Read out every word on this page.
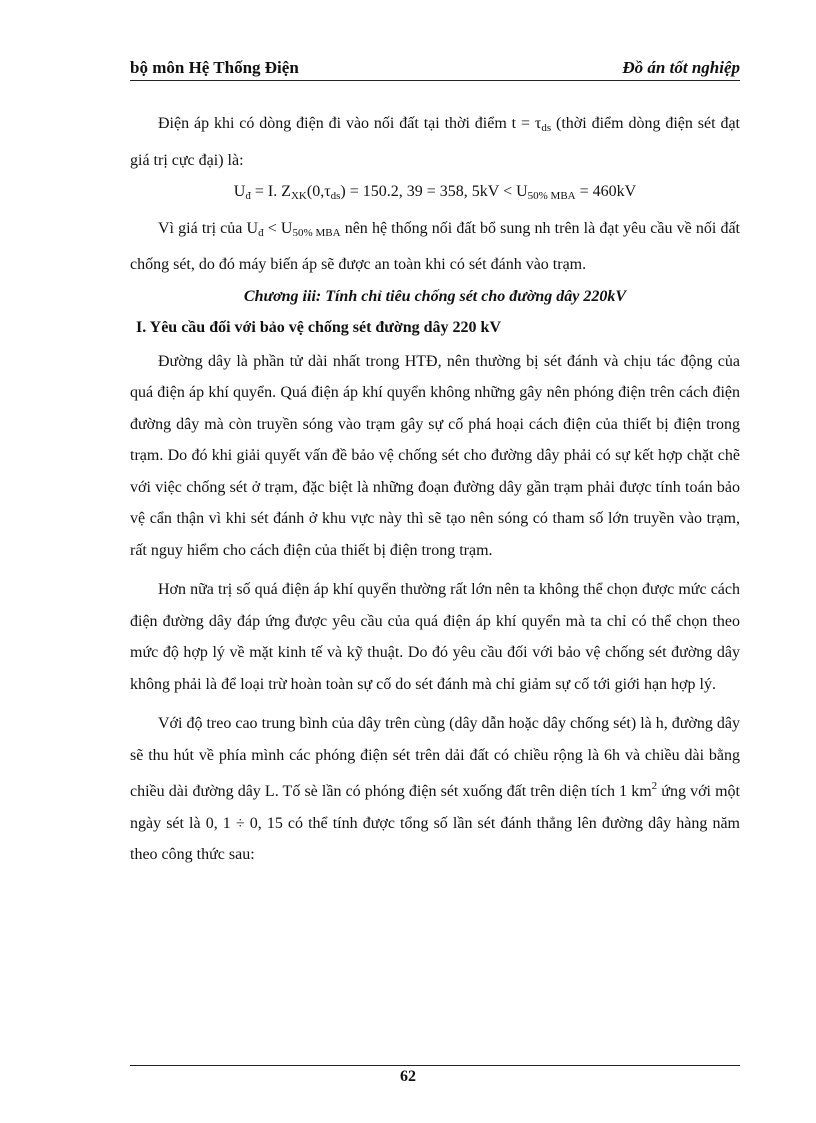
bộ môn Hệ Thống Điện	Đồ án tốt nghiệp

Điện áp khi có dòng điện đi vào nối đất tại thời điểm $t = \tau_{ds}$ (thời điểm dòng điện sét đạt giá trị cực đại) là:

$U_đ = I$. $Z_{XK}(0,\tau_{ds}) = 150.2$, 39 = 358, $5kV < U_{50\% MBA} = 460kV$

Vì giá trị của $U_đ < U_{50\% MBA}$ nên hệ thống nối đất bổ sung nh trên là đạt yêu cầu về nối đất chống sét, do đó máy biến áp sẽ được an toàn khi có sét đánh vào trạm.

Chương iii: Tính chỉ tiêu chống sét cho đường dây 220kV

I. Yêu cầu đối với bảo vệ chống sét đường dây 220 kV

Đường dây là phần tử dài nhất trong HTĐ, nên thường bị sét đánh và chịu tác động của quá điện áp khí quyển. Quá điện áp khí quyển không những gây nên phóng điện trên cách điện đường dây mà còn truyền sóng vào trạm gây sự cố phá hoại cách điện của thiết bị điện trong trạm. Do đó khi giải quyết vấn đề bảo vệ chống sét cho đường dây phải có sự kết hợp chặt chẽ với việc chống sét ở trạm, đặc biệt là những đoạn đường dây gần trạm phải được tính toán bảo vệ cẩn thận vì khi sét đánh ở khu vực này thì sẽ tạo nên sóng có tham số lớn truyền vào trạm, rất nguy hiểm cho cách điện của thiết bị điện trong trạm.

Hơn nữa trị số quá điện áp khí quyển thường rất lớn nên ta không thể chọn được mức cách điện đường dây đáp ứng được yêu cầu của quá điện áp khí quyển mà ta chỉ có thể chọn theo mức độ hợp lý về mặt kinh tế và kỹ thuật. Do đó yêu cầu đối với bảo vệ chống sét đường dây không phải là để loại trừ hoàn toàn sự cố do sét đánh mà chỉ giảm sự cố tới giới hạn hợp lý.

Với độ treo cao trung bình của dây trên cùng (dây dẫn hoặc dây chống sét) là h, đường dây sẽ thu hút về phía mình các phóng điện sét trên dải đất có chiều rộng là 6h và chiều dài bằng chiều dài đường dây L. Tố sè lần có phóng điện sét xuống đất trên diện tích 1 $km^2$ ứng với một ngày sét là 0, 1 ÷ 0, 15 có thể tính được tổng số lần sét đánh thẳng lên đường dây hàng năm theo công thức sau:

62
